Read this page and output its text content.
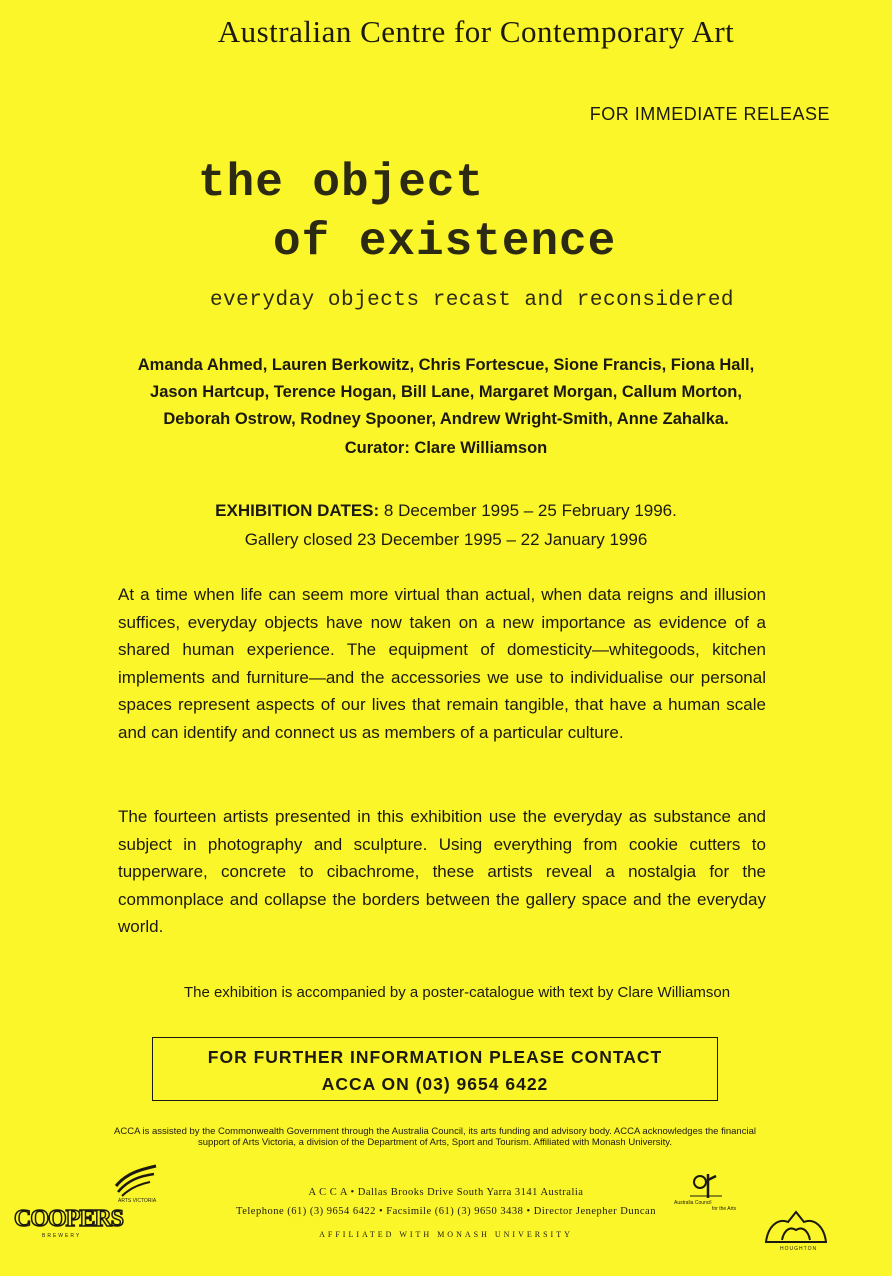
Australian Centre for Contemporary Art
FOR IMMEDIATE RELEASE
the object
of existence
everyday objects recast and reconsidered
Amanda Ahmed, Lauren Berkowitz, Chris Fortescue, Sione Francis, Fiona Hall,
Jason Hartcup, Terence Hogan, Bill Lane, Margaret Morgan, Callum Morton,
Deborah Ostrow, Rodney Spooner, Andrew Wright-Smith, Anne Zahalka.
Curator: Clare Williamson
EXHIBITION DATES: 8 December 1995 – 25 February 1996.
Gallery closed 23 December 1995 – 22 January 1996
At a time when life can seem more virtual than actual, when data reigns and illusion suffices, everyday objects have now taken on a new importance as evidence of a shared human experience. The equipment of domesticity—whitegoods, kitchen implements and furniture—and the accessories we use to individualise our personal spaces represent aspects of our lives that remain tangible, that have a human scale and can identify and connect us as members of a particular culture.
The fourteen artists presented in this exhibition use the everyday as substance and subject in photography and sculpture. Using everything from cookie cutters to tupperware, concrete to cibachrome, these artists reveal a nostalgia for the commonplace and collapse the borders between the gallery space and the everyday world.
The exhibition is accompanied by a poster-catalogue with text by Clare Williamson
FOR FURTHER INFORMATION PLEASE CONTACT
ACCA ON (03) 9654 6422
ACCA is assisted by the Commonwealth Government through the Australia Council, its arts funding and advisory body. ACCA acknowledges the financial support of Arts Victoria, a division of the Department of Arts, Sport and Tourism. Affiliated with Monash University.
A C C A • Dallas Brooks Drive South Yarra 3141 Australia
Telephone (61) (3) 9654 6422 • Facsimile (61) (3) 9650 3438 • Director Jenepher Duncan
AFFILIATED WITH MONASH UNIVERSITY
ARTS VICTORIA
COOPERS
BREWERY
Australia Council
for the Arts
HOUGHTON
